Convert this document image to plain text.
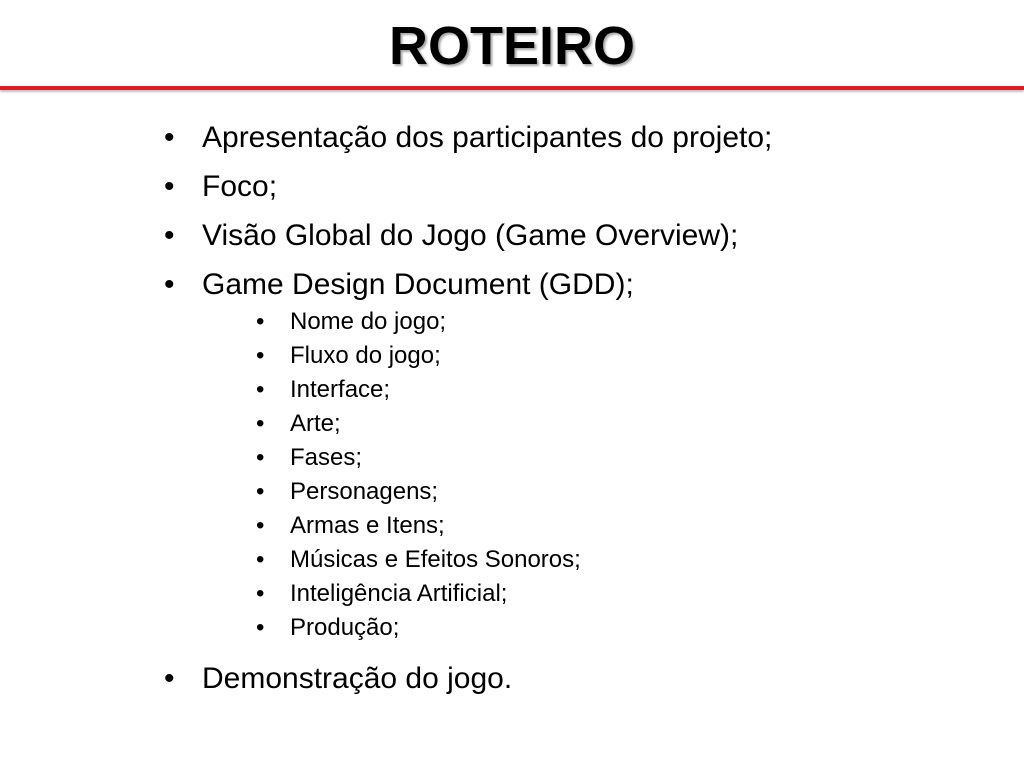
ROTEIRO
• Apresentação dos participantes do projeto;
• Foco;
• Visão Global do Jogo (Game Overview);
• Game Design Document (GDD);
• Nome do jogo;
• Fluxo do jogo;
• Interface;
• Arte;
• Fases;
• Personagens;
• Armas e Itens;
• Músicas e Efeitos Sonoros;
• Inteligência Artificial;
• Produção;
• Demonstração do jogo.
